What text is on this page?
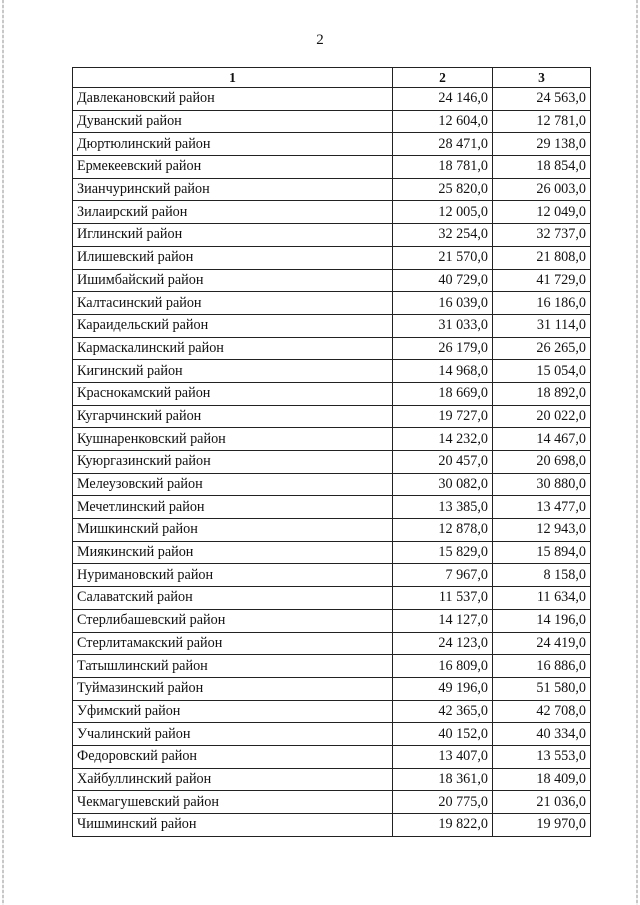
2
1	2	3
Давлекановский район	24 146,0	24 563,0
Дуванский район	12 604,0	12 781,0
Дюртюлинский район	28 471,0	29 138,0
Ермекеевский район	18 781,0	18 854,0
Зианчуринский район	25 820,0	26 003,0
Зилаирский район	12 005,0	12 049,0
Иглинский район	32 254,0	32 737,0
Илишевский район	21 570,0	21 808,0
Ишимбайский район	40 729,0	41 729,0
Калтасинский район	16 039,0	16 186,0
Караидельский район	31 033,0	31 114,0
Кармаскалинский район	26 179,0	26 265,0
Кигинский район	14 968,0	15 054,0
Краснокамский район	18 669,0	18 892,0
Кугарчинский район	19 727,0	20 022,0
Кушнаренковский район	14 232,0	14 467,0
Куюргазинский район	20 457,0	20 698,0
Мелеузовский район	30 082,0	30 880,0
Мечетлинский район	13 385,0	13 477,0
Мишкинский район	12 878,0	12 943,0
Миякинский район	15 829,0	15 894,0
Нуримановский район	7 967,0	8 158,0
Салаватский район	11 537,0	11 634,0
Стерлибашевский район	14 127,0	14 196,0
Стерлитамакский район	24 123,0	24 419,0
Татышлинский район	16 809,0	16 886,0
Туймазинский район	49 196,0	51 580,0
Уфимский район	42 365,0	42 708,0
Учалинский район	40 152,0	40 334,0
Федоровский район	13 407,0	13 553,0
Хайбуллинский район	18 361,0	18 409,0
Чекмагушевский район	20 775,0	21 036,0
Чишминский район	19 822,0	19 970,0
